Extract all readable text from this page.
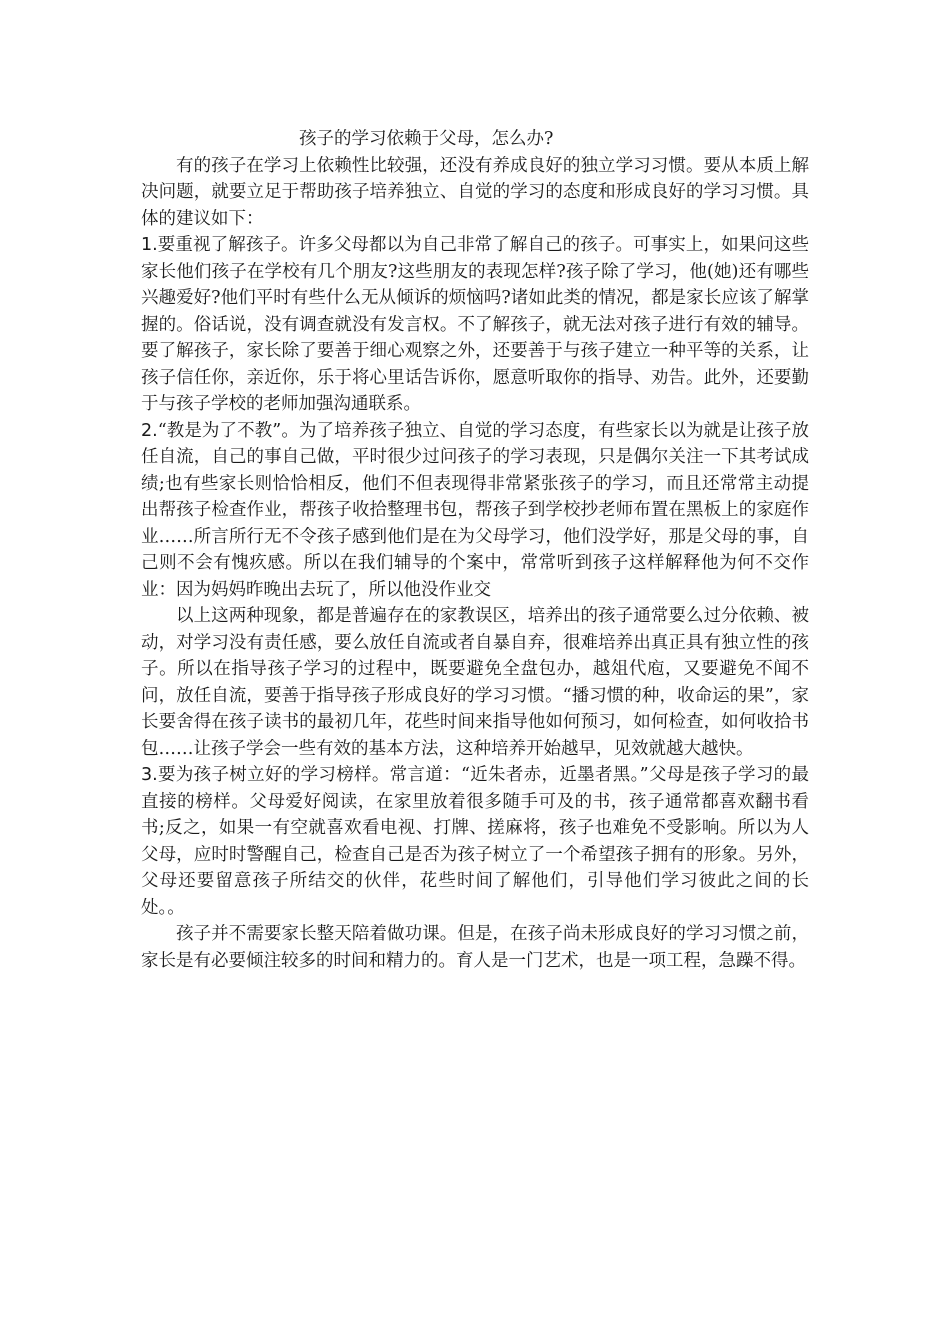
孩子的学习依赖于父母，怎么办?

有的孩子在学习上依赖性比较强，还没有养成良好的独立学习习惯。要从本质上解决问题，就要立足于帮助孩子培养独立、自觉的学习的态度和形成良好的学习习惯。具体的建议如下：

1.要重视了解孩子。许多父母都以为自己非常了解自己的孩子。可事实上，如果问这些家长他们孩子在学校有几个朋友?这些朋友的表现怎样?孩子除了学习，他(她)还有哪些兴趣爱好?他们平时有些什么无从倾诉的烦恼吗?诸如此类的情况，都是家长应该了解掌握的。俗话说，没有调查就没有发言权。不了解孩子，就无法对孩子进行有效的辅导。要了解孩子，家长除了要善于细心观察之外，还要善于与孩子建立一种平等的关系，让孩子信任你，亲近你，乐于将心里话告诉你，愿意听取你的指导、劝告。此外，还要勤于与孩子学校的老师加强沟通联系。

2.“教是为了不教”。为了培养孩子独立、自觉的学习态度，有些家长以为就是让孩子放任自流，自己的事自己做，平时很少过问孩子的学习表现，只是偶尔关注一下其考试成绩;也有些家长则恰恰相反，他们不但表现得非常紧张孩子的学习，而且还常常主动提出帮孩子检查作业，帮孩子收拾整理书包，帮孩子到学校抄老师布置在黑板上的家庭作业……所言所行无不令孩子感到他们是在为父母学习，他们没学好，那是父母的事，自己则不会有愧疚感。所以在我们辅导的个案中，常常听到孩子这样解释他为何不交作业：因为妈妈昨晚出去玩了，所以他没作业交

以上这两种现象，都是普遍存在的家教误区，培养出的孩子通常要么过分依赖、被动，对学习没有责任感，要么放任自流或者自暴自弃，很难培养出真正具有独立性的孩子。所以在指导孩子学习的过程中，既要避免全盘包办，越俎代庖，又要避免不闻不问，放任自流，要善于指导孩子形成良好的学习习惯。“播习惯的种，收命运的果”，家长要舍得在孩子读书的最初几年，花些时间来指导他如何预习，如何检查，如何收拾书包……让孩子学会一些有效的基本方法，这种培养开始越早，见效就越大越快。

3.要为孩子树立好的学习榜样。常言道：“近朱者赤，近墨者黑。”父母是孩子学习的最直接的榜样。父母爱好阅读，在家里放着很多随手可及的书，孩子通常都喜欢翻书看书;反之，如果一有空就喜欢看电视、打牌、搓麻将，孩子也难免不受影响。所以为人父母，应时时警醒自己，检查自己是否为孩子树立了一个希望孩子拥有的形象。另外，父母还要留意孩子所结交的伙伴，花些时间了解他们，引导他们学习彼此之间的长处。。

孩子并不需要家长整天陪着做功课。但是，在孩子尚未形成良好的学习习惯之前，家长是有必要倾注较多的时间和精力的。育人是一门艺术，也是一项工程，急躁不得。
